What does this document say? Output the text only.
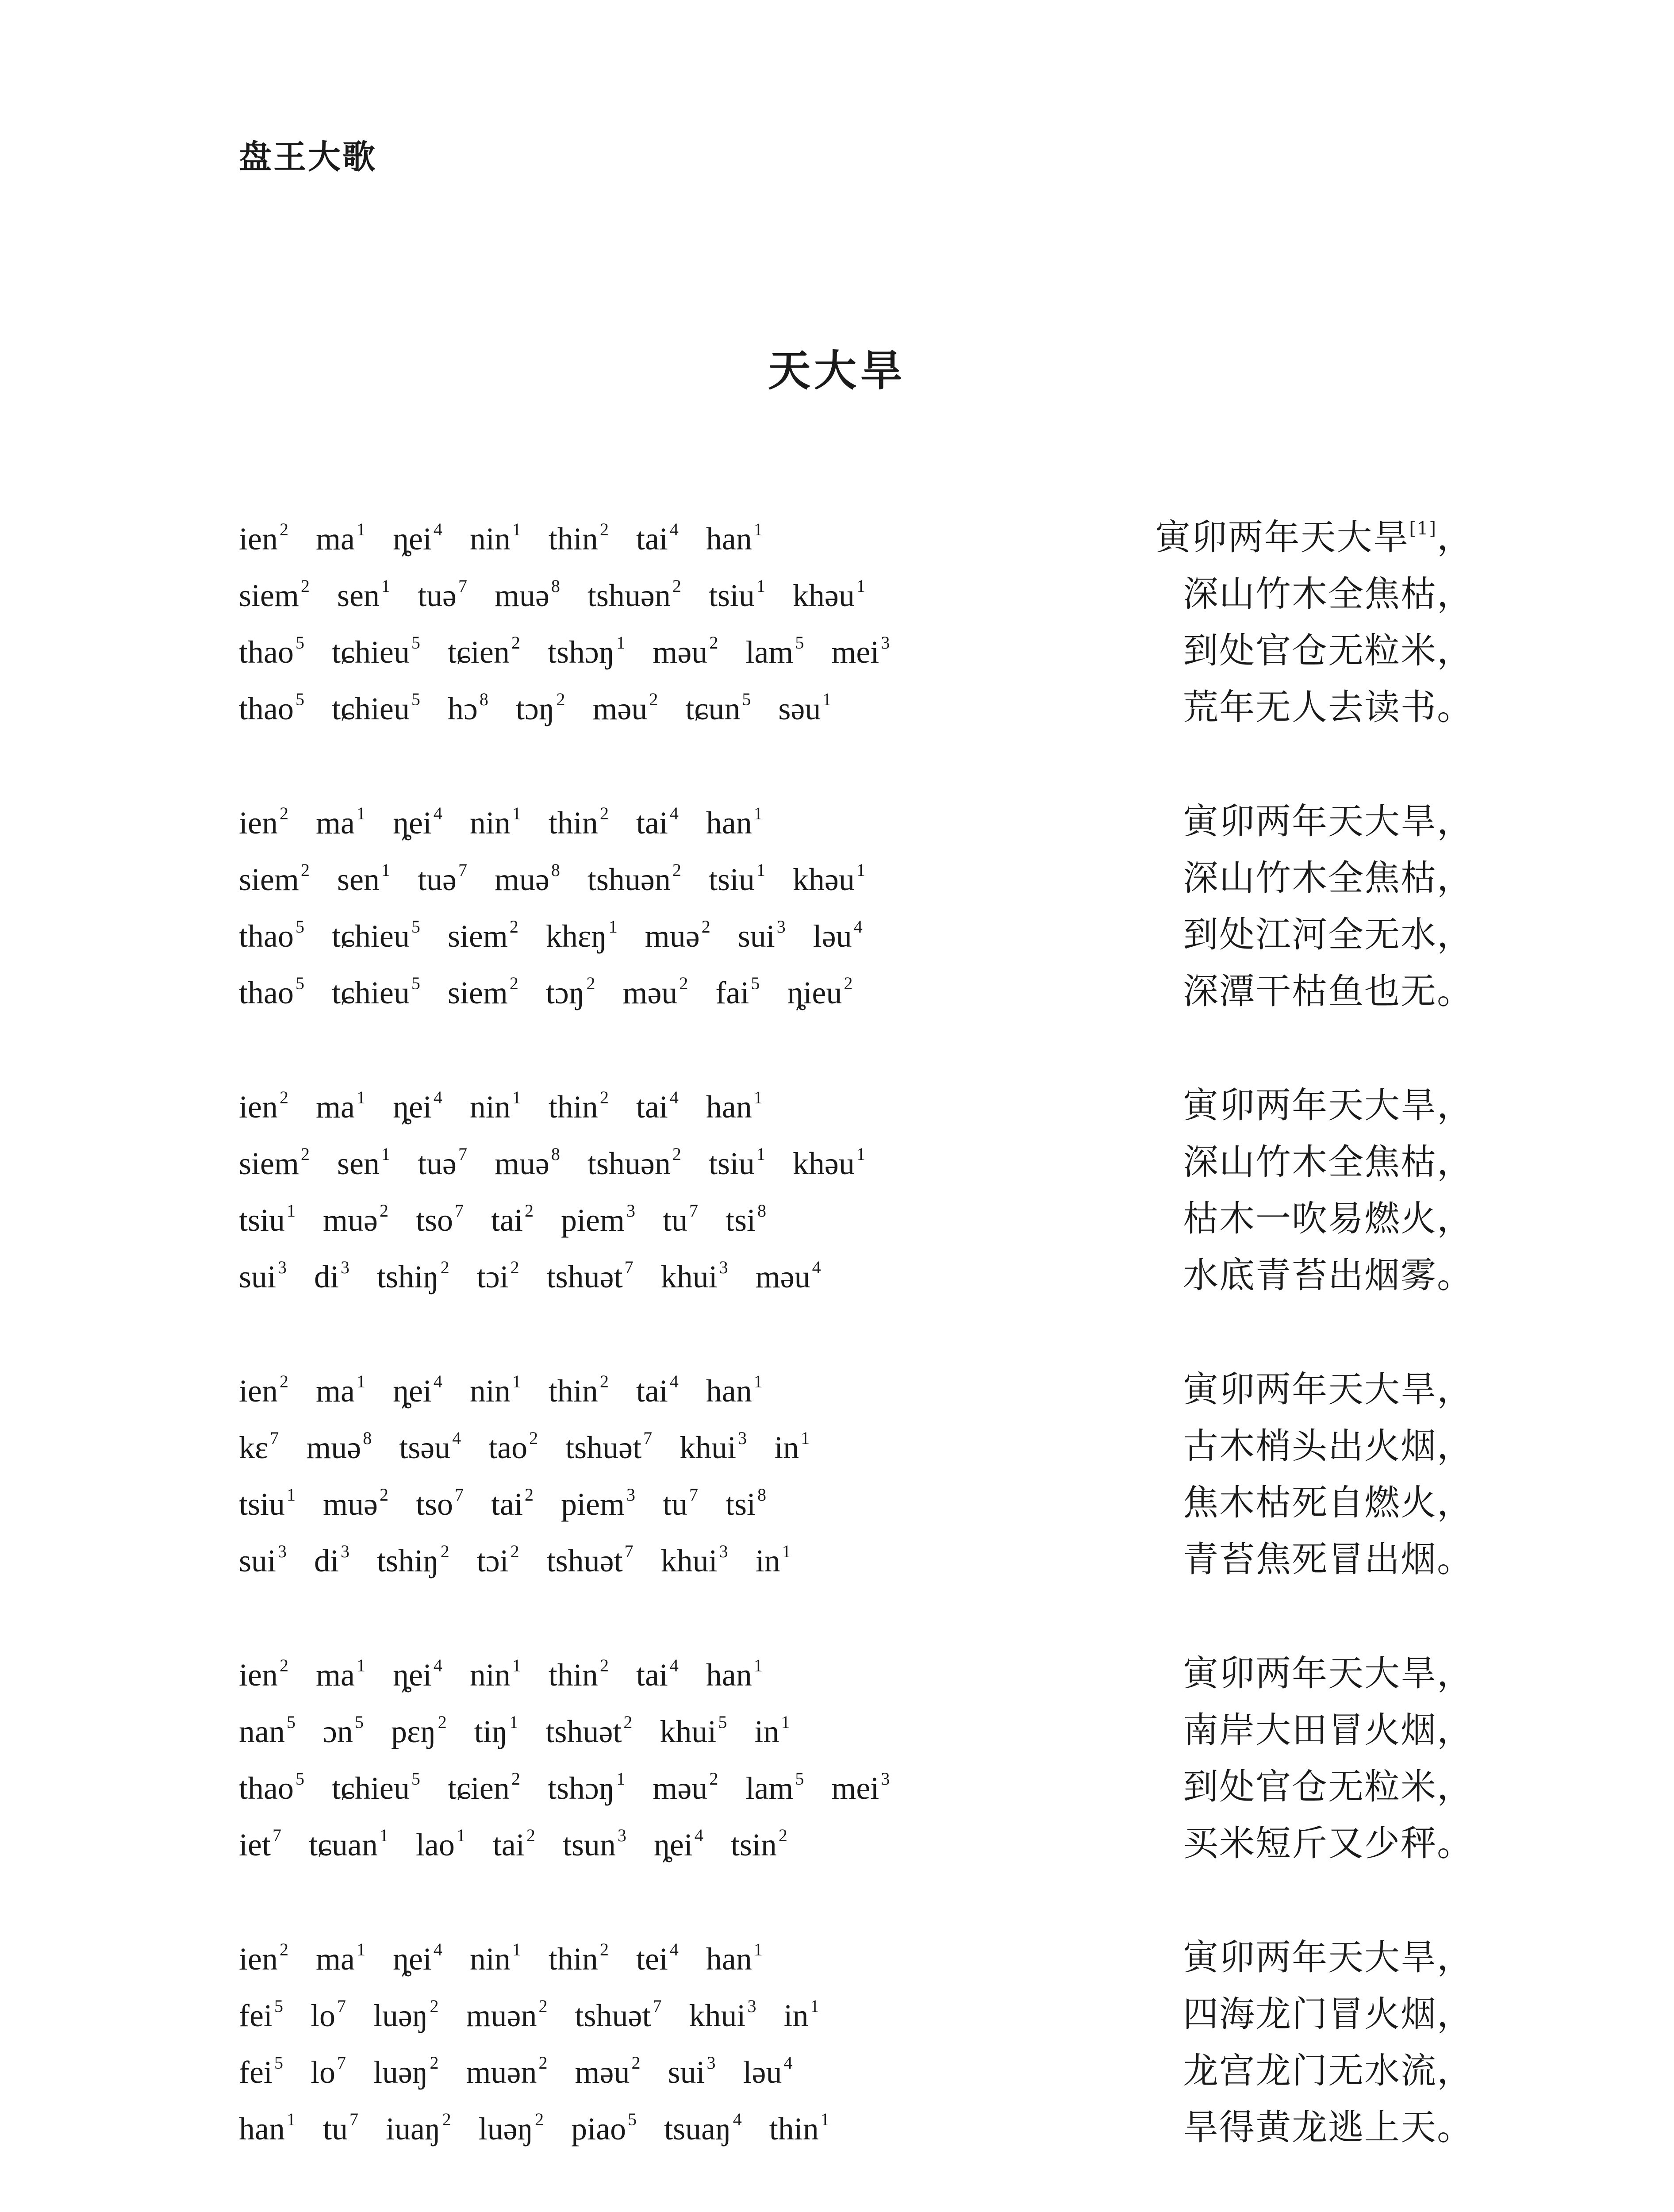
盘王大歌
天大旱
ien $^2$ ma $^1$ ȵei $^4$ nin $^1$ thin $^2$ tai $^4$ han $^1$	寅卯两年天大旱[1]，
siem $^2$ sen $^1$ tuə $^7$ muə $^8$ tshuən $^2$ tsiu $^1$ khəu $^1$	深山竹木全焦枯，
thao $^5$ tɕhieu $^5$ tɕien $^2$ tshɔŋ $^1$ məu $^2$ lam $^5$ mei $^3$	到处官仓无粒米，
thao $^5$ tɕhieu $^5$ hɔ $^8$ tɔŋ $^2$ məu $^2$ tɕun $^5$ səu $^1$	荒年无人去读书。
ien $^2$ ma $^1$ ȵei $^4$ nin $^1$ thin $^2$ tai $^4$ han $^1$	寅卯两年天大旱，
siem $^2$ sen $^1$ tuə $^7$ muə $^8$ tshuən $^2$ tsiu $^1$ khəu $^1$	深山竹木全焦枯，
thao $^5$ tɕhieu $^5$ siem $^2$ khɛŋ $^1$ muə $^2$ sui $^3$ ləu $^4$	到处江河全无水，
thao $^5$ tɕhieu $^5$ siem $^2$ tɔŋ $^2$ məu $^2$ fai $^5$ ȵieu $^2$	深潭干枯鱼也无。
ien $^2$ ma $^1$ ȵei $^4$ nin $^1$ thin $^2$ tai $^4$ han $^1$	寅卯两年天大旱，
siem $^2$ sen $^1$ tuə $^7$ muə $^8$ tshuən $^2$ tsiu $^1$ khəu $^1$	深山竹木全焦枯，
tsiu $^1$ muə $^2$ tso $^7$ tai $^2$ piem $^3$ tu $^7$ tsi $^8$	枯木一吹易燃火，
sui $^3$ di $^3$ tshiŋ $^2$ tɔi $^2$ tshuət $^7$ khui $^3$ məu $^4$	水底青苔出烟雾。
ien $^2$ ma $^1$ ȵei $^4$ nin $^1$ thin $^2$ tai $^4$ han $^1$	寅卯两年天大旱，
kɛ $^7$ muə $^8$ tsəu $^4$ tao $^2$ tshuət $^7$ khui $^3$ in $^1$	古木梢头出火烟，
tsiu $^1$ muə $^2$ tso $^7$ tai $^2$ piem $^3$ tu $^7$ tsi $^8$	焦木枯死自燃火，
sui $^3$ di $^3$ tshiŋ $^2$ tɔi $^2$ tshuət $^7$ khui $^3$ in $^1$	青苔焦死冒出烟。
ien $^2$ ma $^1$ ȵei $^4$ nin $^1$ thin $^2$ tai $^4$ han $^1$	寅卯两年天大旱，
nan $^5$ ɔn $^5$ pɛŋ $^2$ tiŋ $^1$ tshuət $^2$ khui $^5$ in $^1$	南岸大田冒火烟，
thao $^5$ tɕhieu $^5$ tɕien $^2$ tshɔŋ $^1$ məu $^2$ lam $^5$ mei $^3$	到处官仓无粒米，
iet $^7$ tɕuan $^1$ lao $^1$ tai $^2$ tsun $^3$ ȵei $^4$ tsin $^2$	买米短斤又少秤。
ien $^2$ ma $^1$ ȵei $^4$ nin $^1$ thin $^2$ tei $^4$ han $^1$	寅卯两年天大旱，
fei $^5$ lo $^7$ luəŋ $^2$ muən $^2$ tshuət $^7$ khui $^3$ in $^1$	四海龙门冒火烟，
fei $^5$ lo $^7$ luəŋ $^2$ muən $^2$ məu $^2$ sui $^3$ ləu $^4$	龙宫龙门无水流，
han $^1$ tu $^7$ iuaŋ $^2$ luəŋ $^2$ piao $^5$ tsuaŋ $^4$ thin $^1$	旱得黄龙逃上天。
